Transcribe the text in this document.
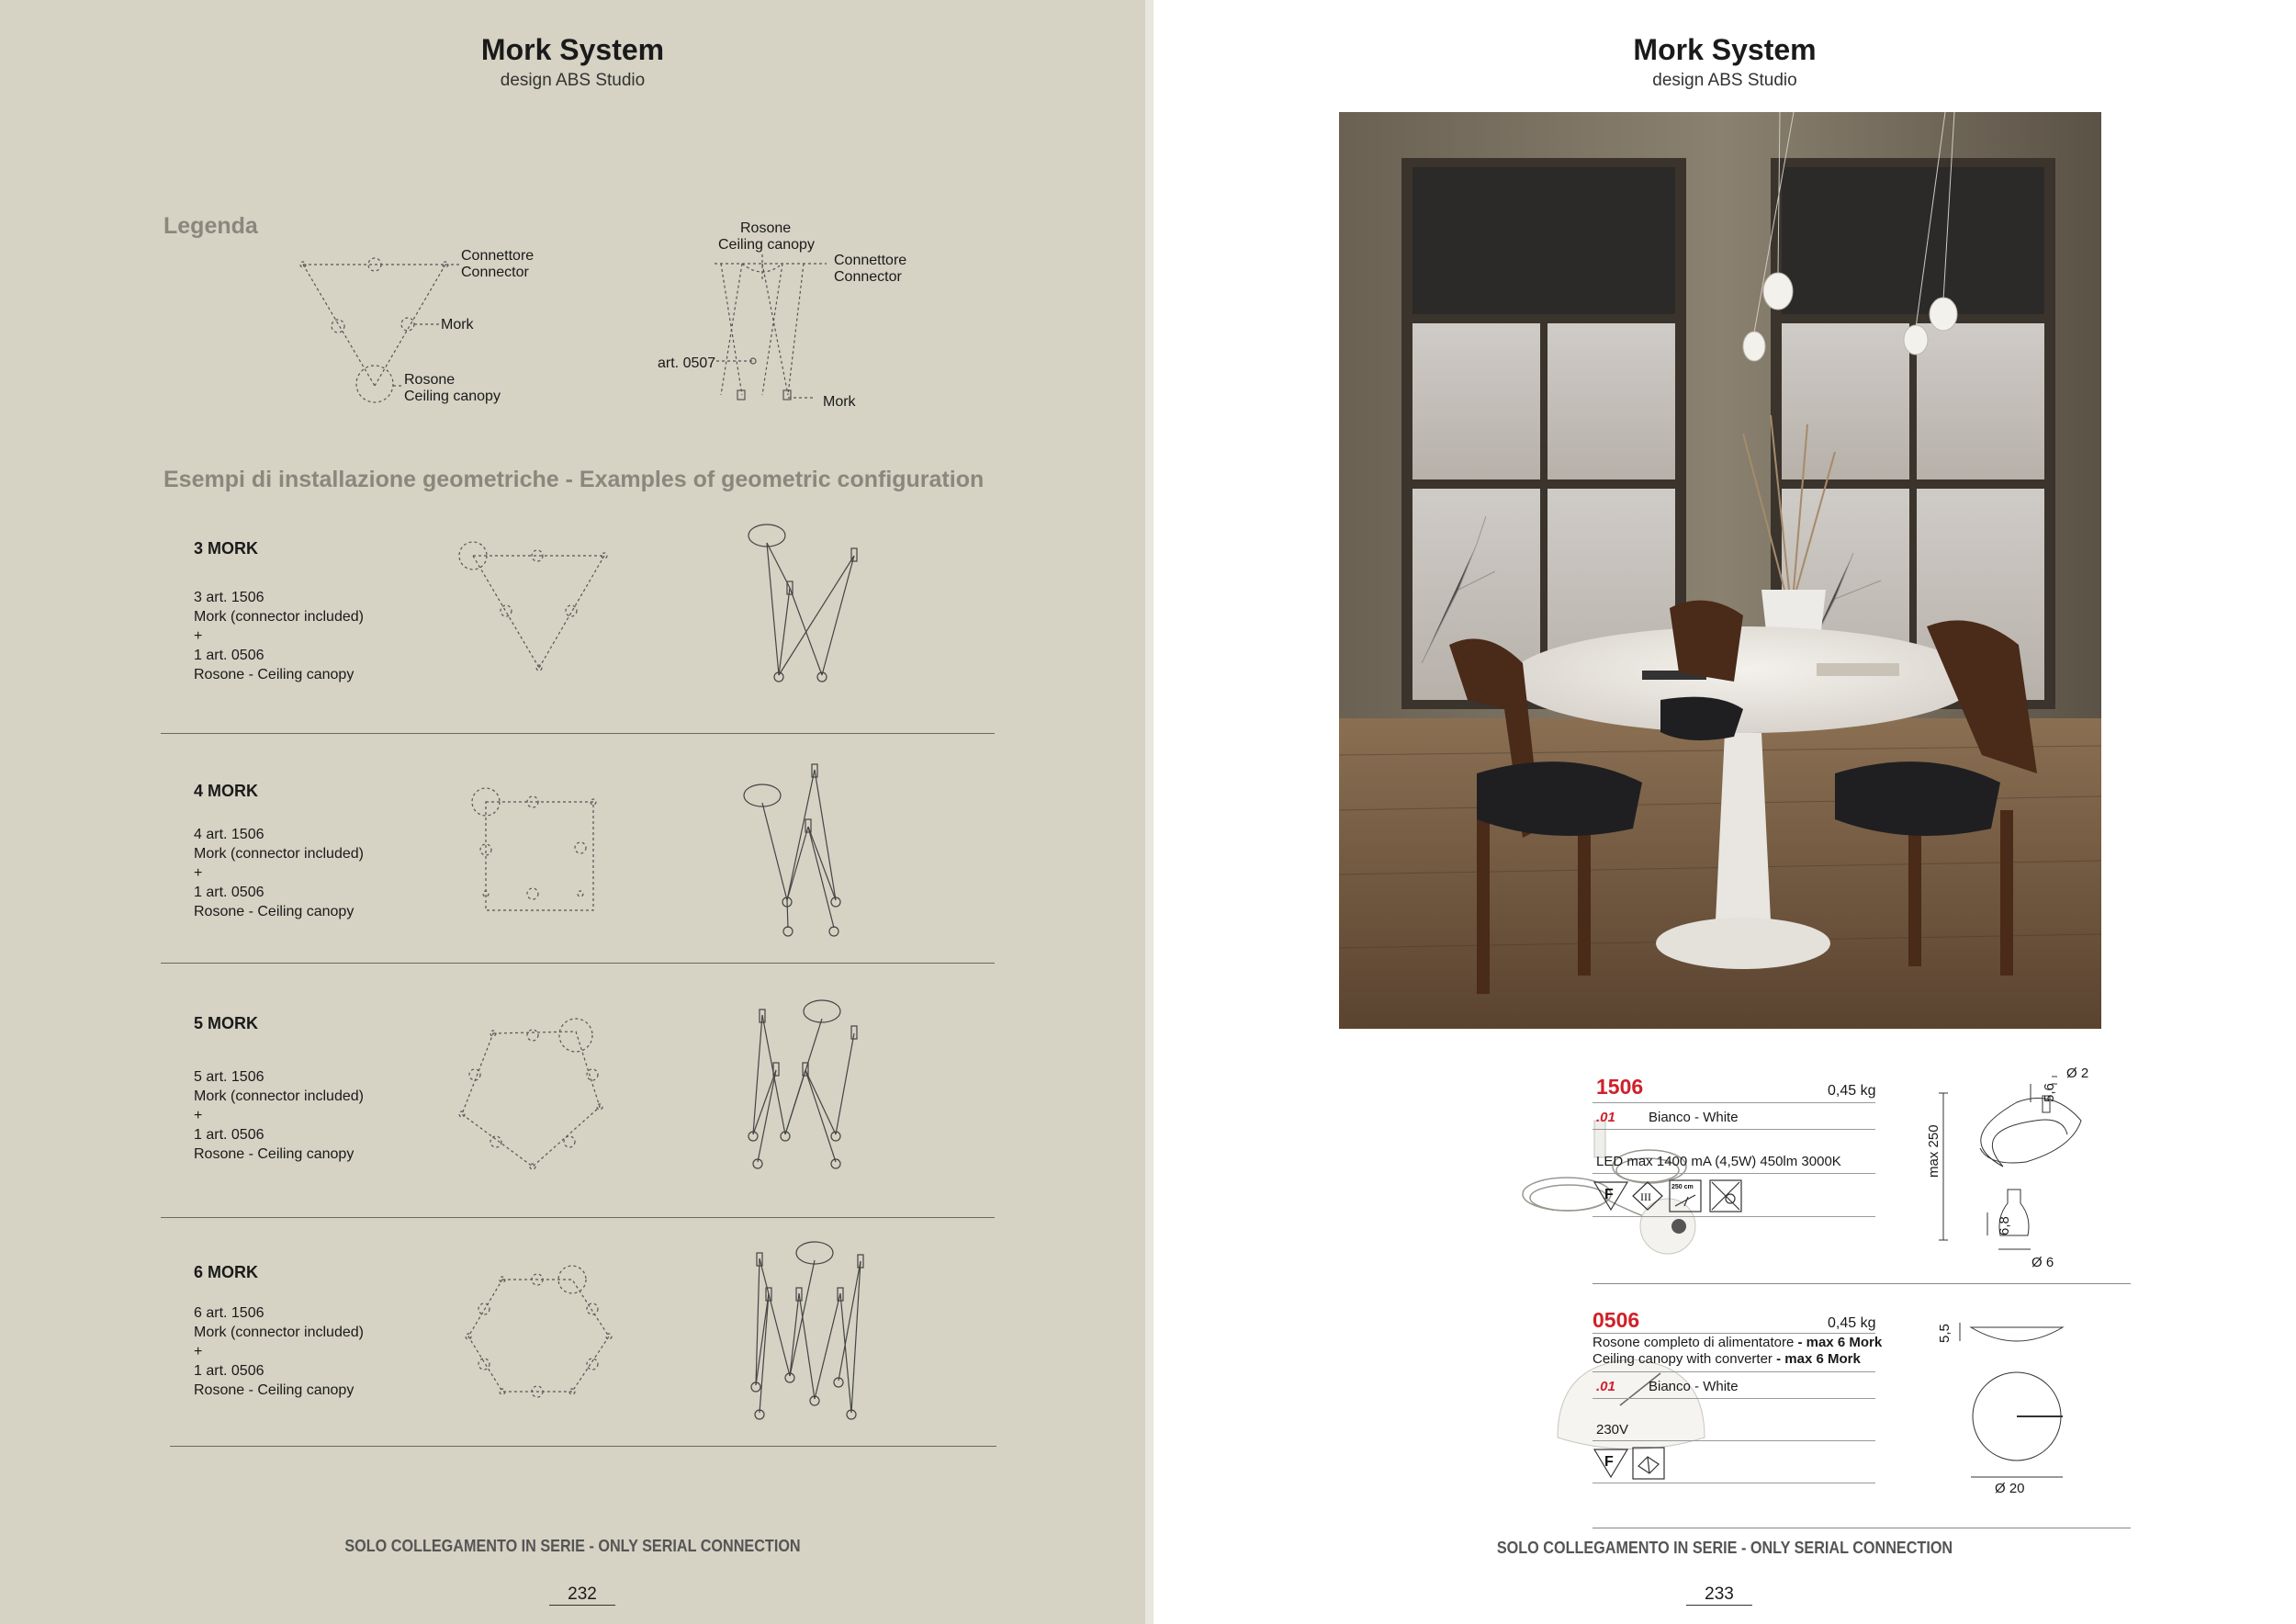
Mork System
design ABS Studio
Legenda
Connettore
Connector
Mork
Rosone
Ceiling canopy
Rosone
Ceiling canopy
Connettore
Connector
art. 0507
Mork
Esempi di installazione geometriche - Examples of geometric configuration
3 MORK
3 art. 1506
Mork (connector included)
+
1 art. 0506
Rosone - Ceiling canopy
4 MORK
4 art. 1506
Mork (connector included)
+
1 art. 0506
Rosone - Ceiling canopy
5 MORK
5 art. 1506
Mork (connector included)
+
1 art. 0506
Rosone - Ceiling canopy
6 MORK
6 art. 1506
Mork (connector included)
+
1 art. 0506
Rosone - Ceiling canopy
SOLO COLLEGAMENTO IN SERIE - ONLY SERIAL CONNECTION
232
Mork System
design ABS Studio
1506	0,45 kg
.01 Bianco - White
LED max 1400 mA (4,5W) 450lm 3000K
F III
250 cm
Ø 2
5,6
max 250
6,8
Ø 6
0506	0,45 kg
Rosone completo di alimentatore - max 6 Mork
Ceiling canopy with converter - max 6 Mork
.01 Bianco - White
230V
F
5,5
Ø 20
SOLO COLLEGAMENTO IN SERIE - ONLY SERIAL CONNECTION
233
